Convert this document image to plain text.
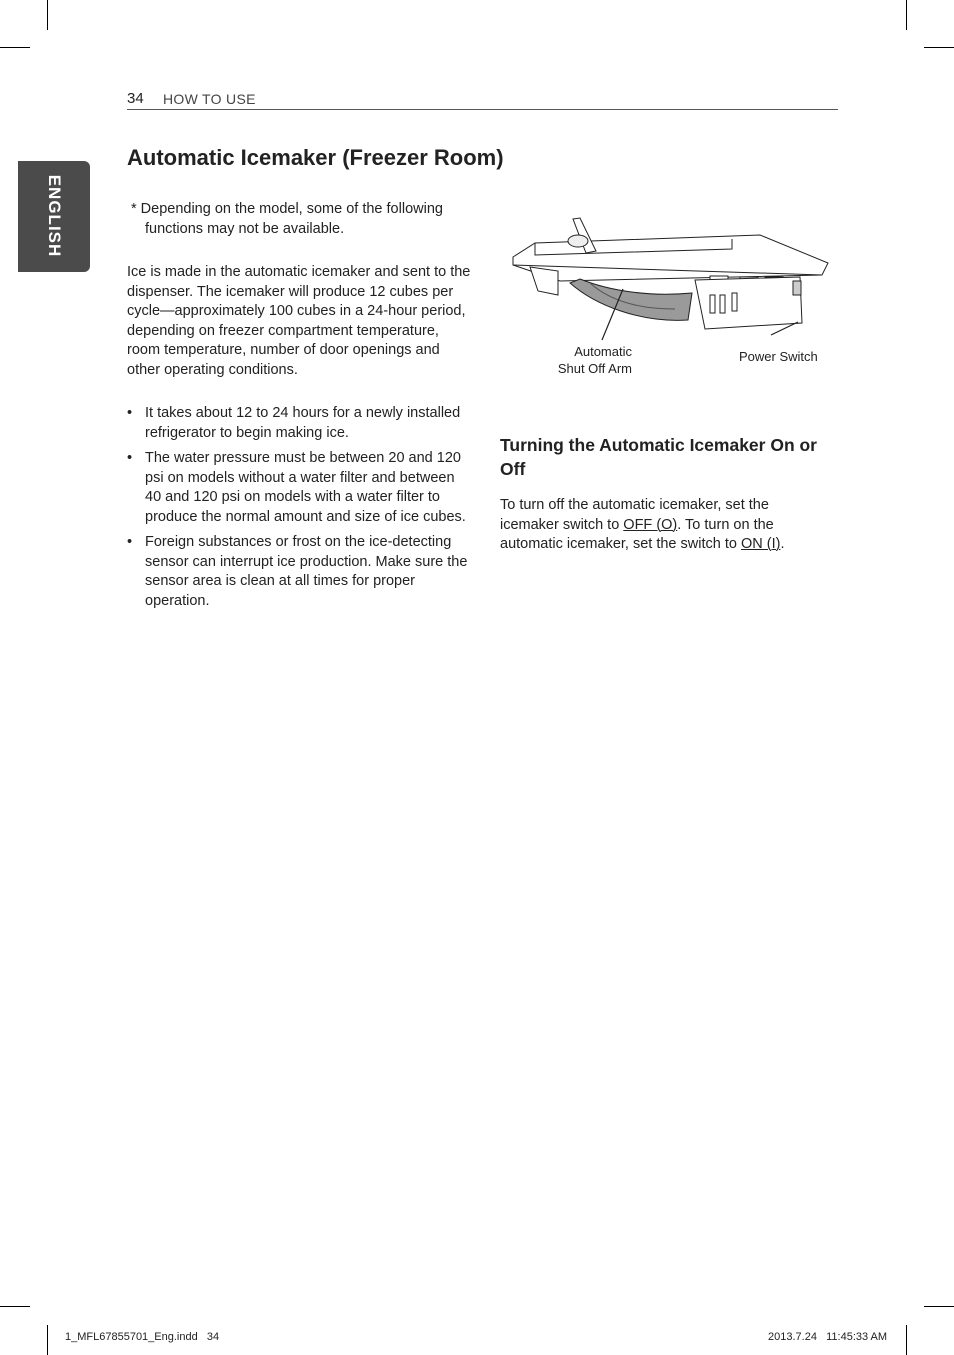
ENGLISH
34 HOW TO USE
Automatic Icemaker (Freezer Room)

* Depending on the model, some of the following functions may not be available.

Ice is made in the automatic icemaker and sent to the dispenser. The icemaker will produce 12 cubes per cycle—approximately 100 cubes in a 24-hour period, depending on freezer compartment temperature, room temperature, number of door openings and other operating conditions.

• It takes about 12 to 24 hours for a newly installed refrigerator to begin making ice.
• The water pressure must be between 20 and 120 psi on models without a water filter and between 40 and 120 psi on models with a water filter to produce the normal amount and size of ice cubes.
• Foreign substances or frost on the ice-detecting sensor can interrupt ice production. Make sure the sensor area is clean at all times for proper operation.
Automatic
Shut Off Arm
Power Switch
Turning the Automatic Icemaker On or Off

To turn off the automatic icemaker, set the icemaker switch to OFF (O). To turn on the automatic icemaker, set the switch to ON (I).

1_MFL67855701_Eng.indd   34	2013.7.24   11:45:33 AM
